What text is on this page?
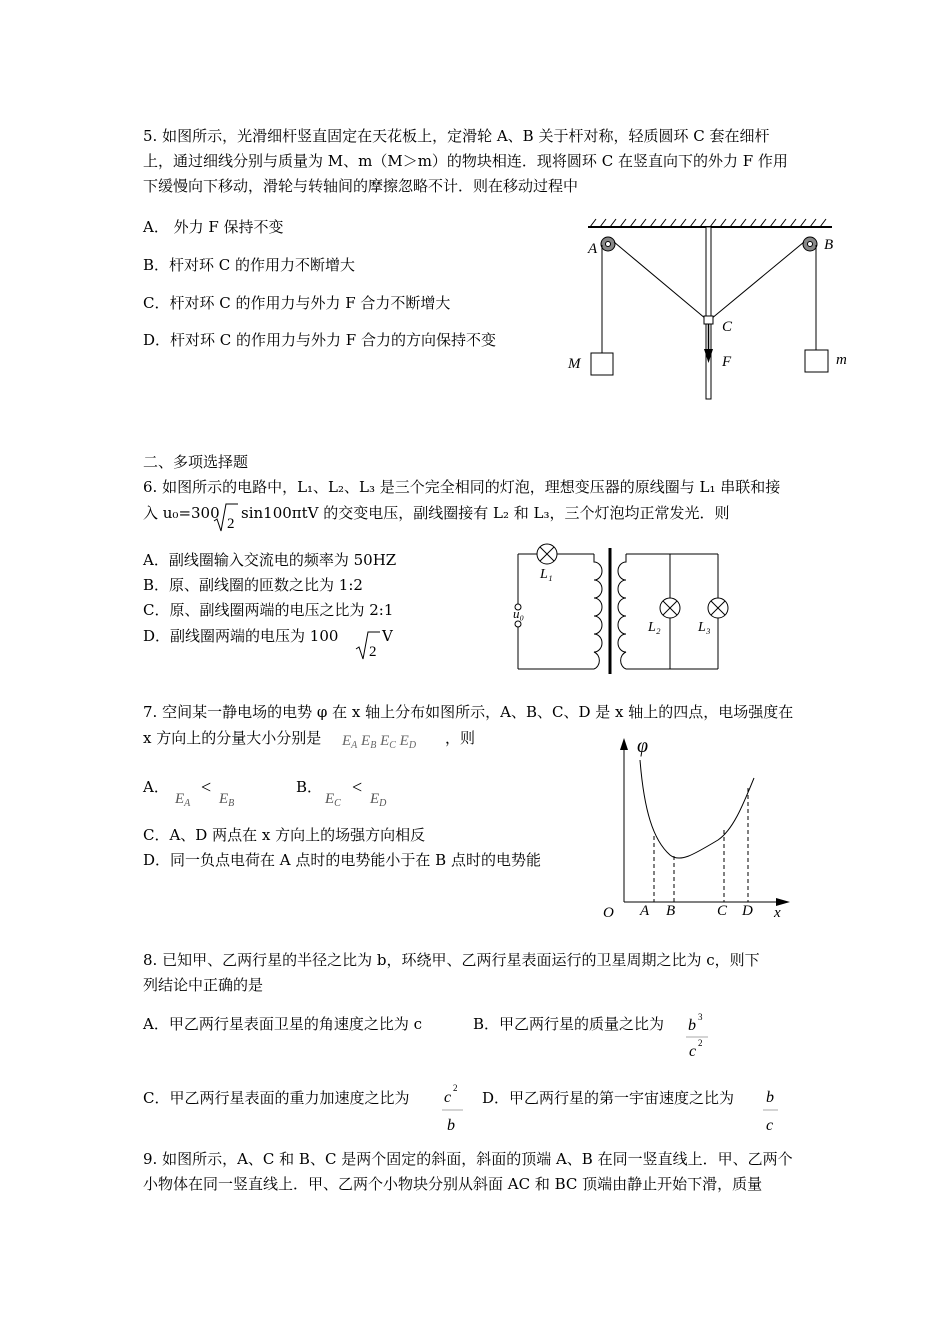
5. 如图所示，光滑细杆竖直固定在天花板上，定滑轮 A、B 关于杆对称，轻质圆环 C 套在细杆
上，通过细线分别与质量为 M、m（M＞m）的物块相连．现将圆环 C 在竖直向下的外力 F 作用
下缓慢向下移动，滑轮与转轴间的摩擦忽略不计．则在移动过程中
A． 外力 F 保持不变
B．杆对环 C 的作用力不断增大
C．杆对环 C 的作用力与外力 F 合力不断增大
D．杆对环 C 的作用力与外力 F 合力的方向保持不变
A	B
C
F
M	m
二、多项选择题
6. 如图所示的电路中，L₁、L₂、L₃ 是三个完全相同的灯泡，理想变压器的原线圈与 L₁ 串联和接
入 u₀=300
2
sin100πtV 的交变电压，副线圈接有 L₂ 和 L₃，三个灯泡均正常发光．则
A．副线圈输入交流电的频率为 50HZ
B．原、副线圈的匝数之比为 1:2
C．原、副线圈两端的电压之比为 2:1
D．副线圈两端的电压为 100
2
V
L₁
u₀
L₂	L₃
7. 空间某一静电场的电势 φ 在 x 轴上分布如图所示，A、B、C、D 是 x 轴上的四点，电场强度在
x 方向上的分量大小分别是 $E_A$ $E_B$ $E_C$ $E_D$ ，则
A．
$E_A$
<
$E_B$
B．
$E_C$
<
$E_D$
C．A、D 两点在 x 方向上的场强方向相反
D．同一负点电荷在 A 点时的电势能小于在 B 点时的电势能
φ
O A B	C D x
8. 已知甲、乙两行星的半径之比为 b，环绕甲、乙两行星表面运行的卫星周期之比为 c，则下
列结论中正确的是
A．甲乙两行星表面卫星的角速度之比为 c	B．甲乙两行星的质量之比为 b 3
c 2
C．甲乙两行星表面的重力加速度之比为 c
2
b
D．甲乙两行星的第一宇宙速度之比为 b
c
9. 如图所示，A、C 和 B、C 是两个固定的斜面，斜面的顶端 A、B 在同一竖直线上．甲、乙两个
小物体在同一竖直线上．甲、乙两个小物块分别从斜面 AC 和 BC 顶端由静止开始下滑，质量
